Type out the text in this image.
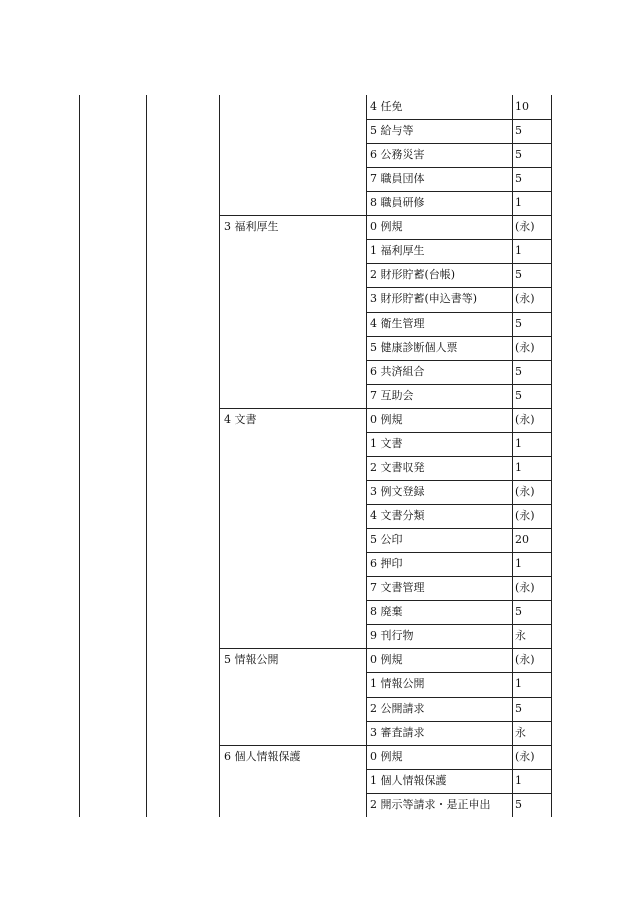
4 任免	10
5 給与等	5
6 公務災害	5
7 職員団体	5
8 職員研修	1
3 福利厚生	0 例規	(永)
1 福利厚生	1
2 財形貯蓄(台帳)	5
3 財形貯蓄(申込書等)	(永)
4 衛生管理	5
5 健康診断個人票	(永)
6 共済組合	5
7 互助会	5
4 文書	0 例規	(永)
1 文書	1
2 文書収発	1
3 例文登録	(永)
4 文書分類	(永)
5 公印	20
6 押印	1
7 文書管理	(永)
8 廃棄	5
9 刊行物	永
5 情報公開	0 例規	(永)
1 情報公開	1
2 公開請求	5
3 審査請求	永
6 個人情報保護	0 例規	(永)
1 個人情報保護	1
2 開示等請求・是正申出 5
